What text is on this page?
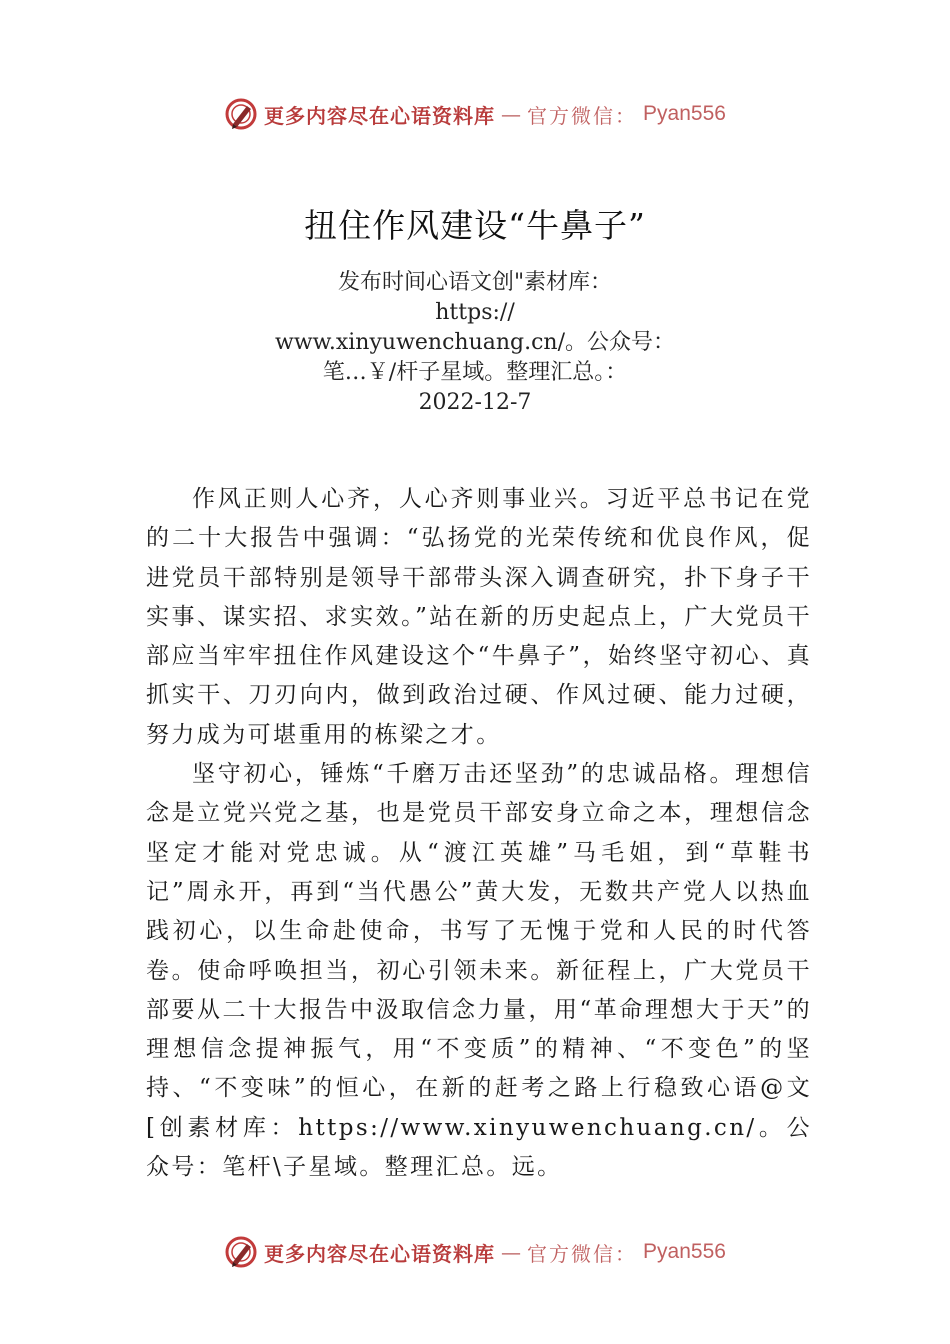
更多内容尽在心语资料库 — 官方微信： Pyan556
扭住作风建设“牛鼻子”
发布时间心语文创"素材库：
https://
www.xinyuwenchuang.cn/。公众号：
笔…￥/杆子星域。整理汇总。：
2022-12-7

作风正则人心齐，人心齐则事业兴。习近平总书记在党的二十大报告中强调：“弘扬党的光荣传统和优良作风，促进党员干部特别是领导干部带头深入调查研究，扑下身子干实事、谋实招、求实效。”站在新的历史起点上，广大党员干部应当牢牢扭住作风建设这个“牛鼻子”，始终坚守初心、真抓实干、刀刃向内，做到政治过硬、作风过硬、能力过硬，努力成为可堪重用的栋梁之才。

坚守初心，锤炼“千磨万击还坚劲”的忠诚品格。理想信念是立党兴党之基，也是党员干部安身立命之本，理想信念坚定才能对党忠诚。从“渡江英雄”马毛姐，到“草鞋书记”周永开，再到“当代愚公”黄大发，无数共产党人以热血践初心，以生命赴使命，书写了无愧于党和人民的时代答卷。使命呼唤担当，初心引领未来。新征程上，广大党员干部要从二十大报告中汲取信念力量，用“革命理想大于天”的理想信念提神振气，用“不变质”的精神、“不变色”的坚持、“不变味”的恒心，在新的赶考之路上行稳致心语@文[创素材库：https://www.xinyuwenchuang.cn/。公众号：笔杆\子星域。整理汇总。远。

更多内容尽在心语资料库 — 官方微信： Pyan556
